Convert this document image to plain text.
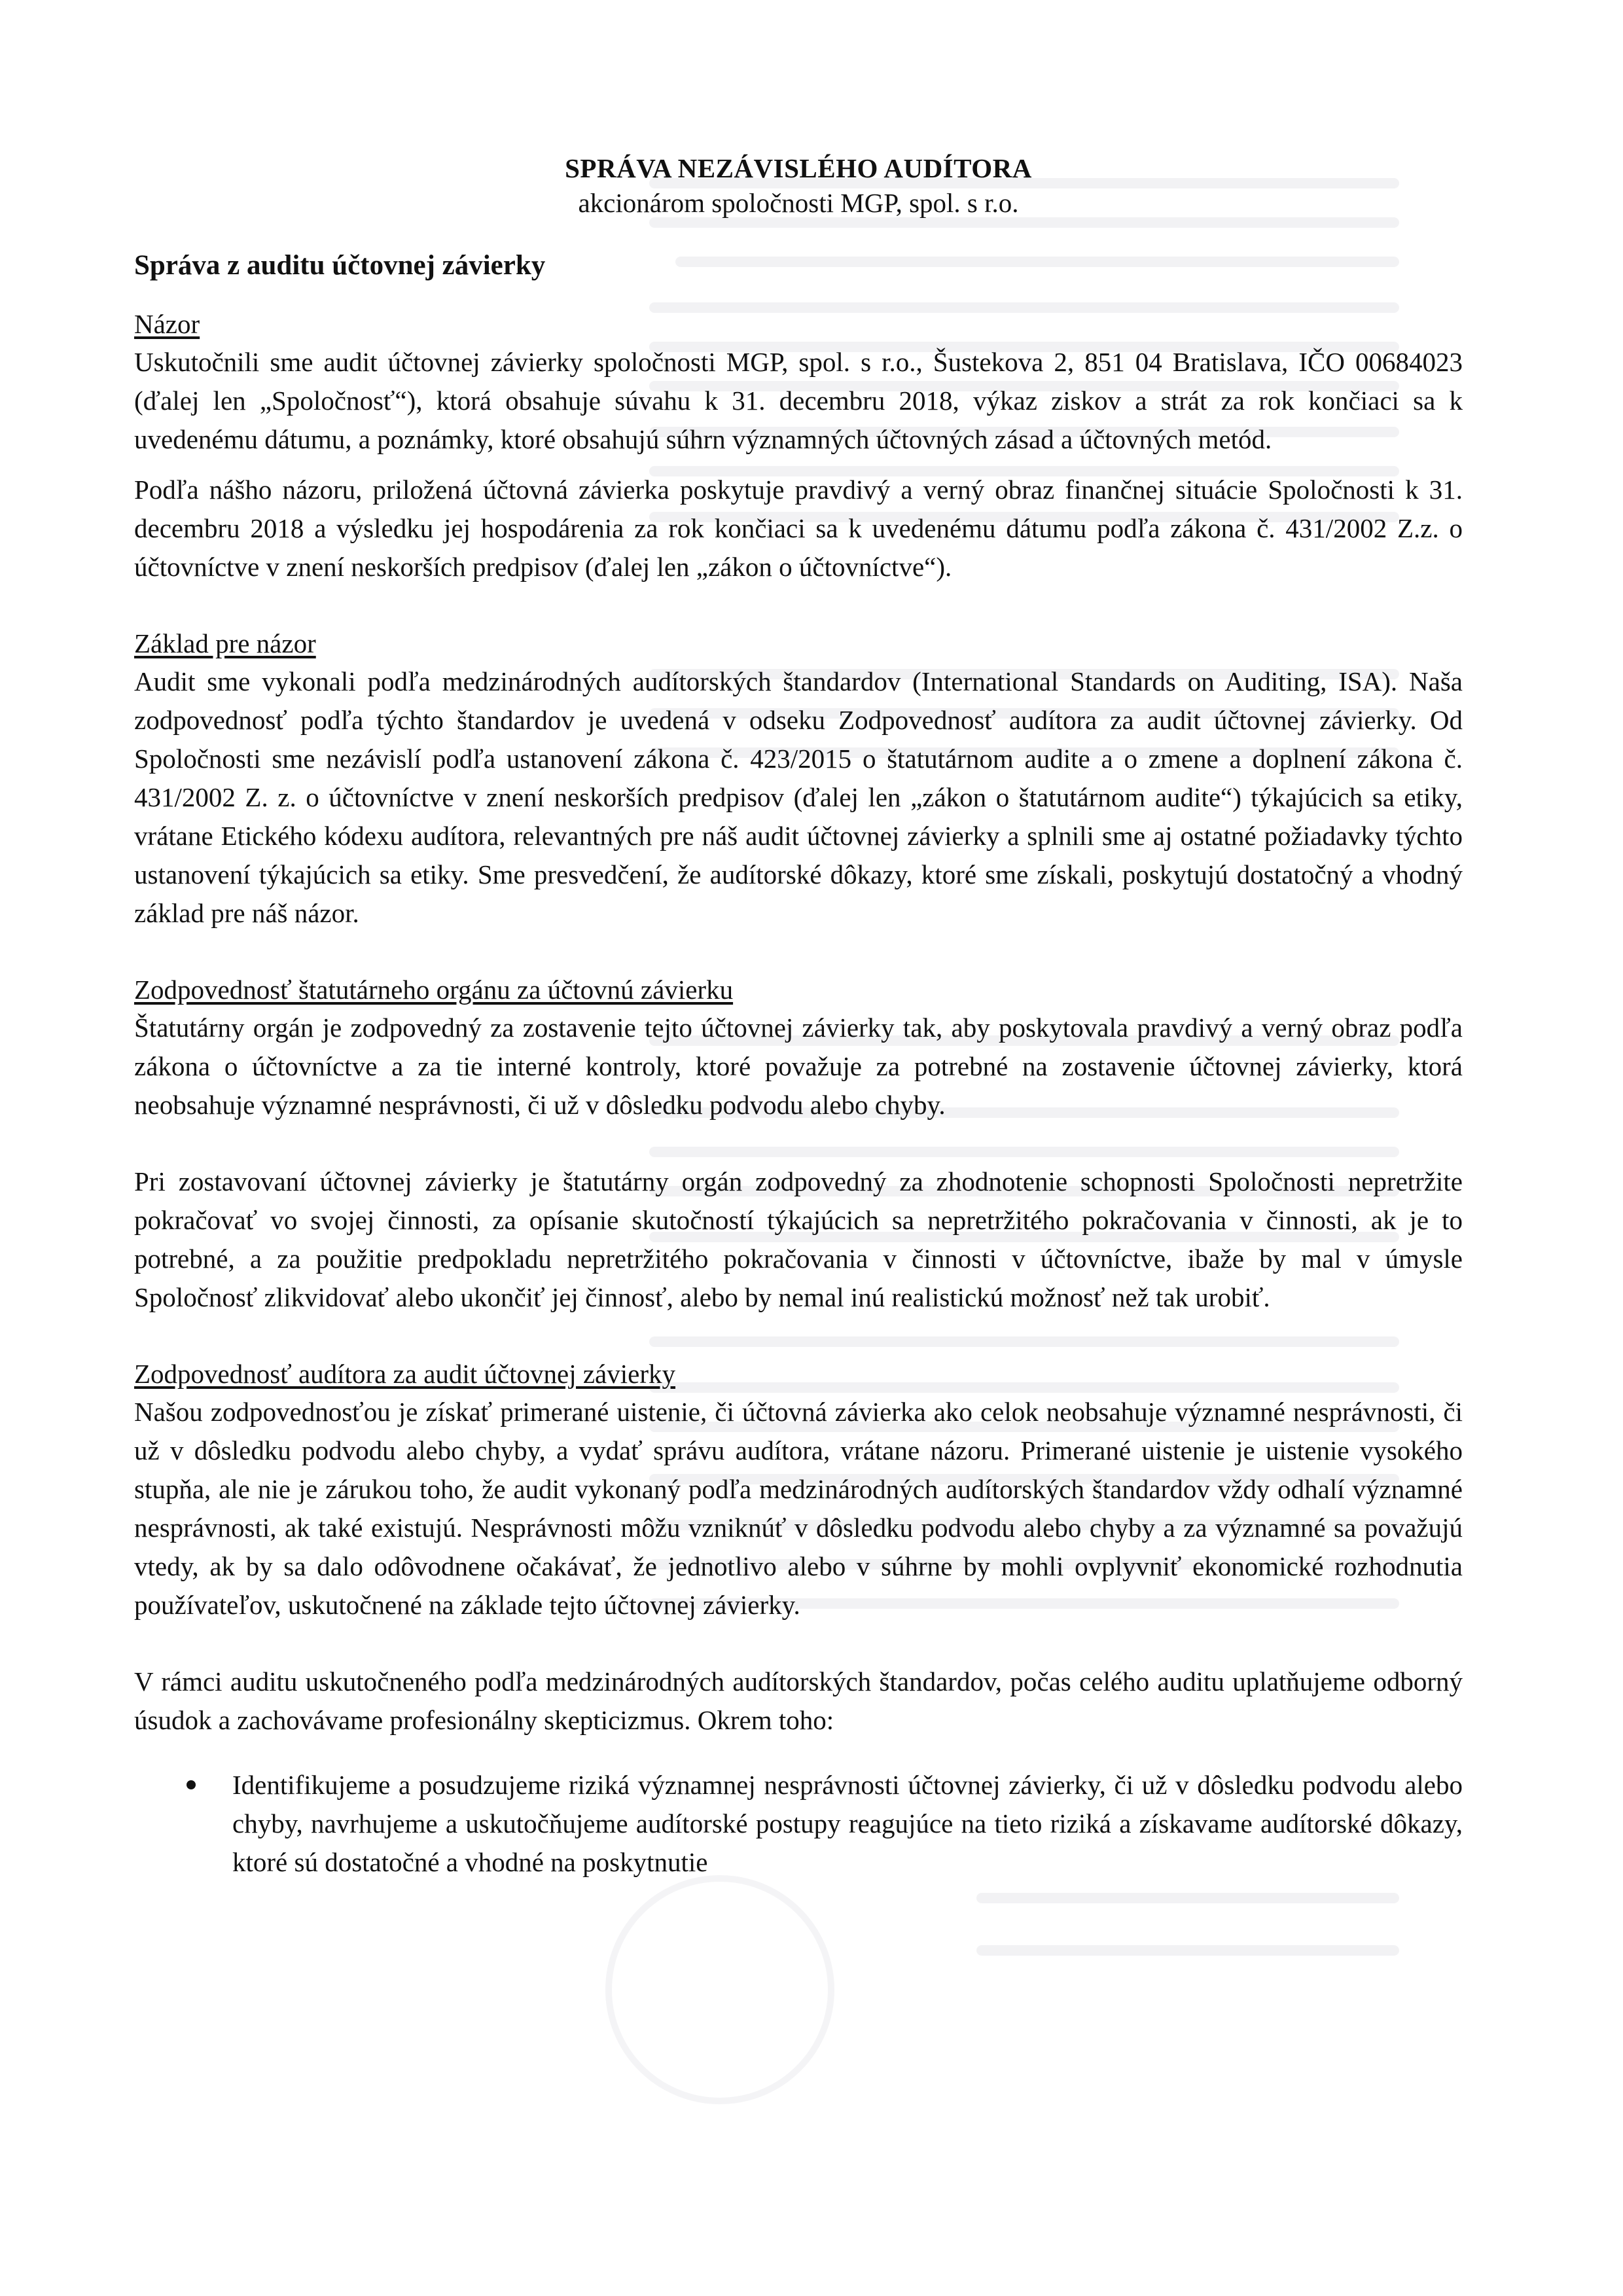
SPRÁVA NEZÁVISLÉHO AUDÍTORA
akcionárom spoločnosti MGP, spol. s r.o.
Správa z auditu účtovnej závierky
Názor

Uskutočnili sme audit účtovnej závierky spoločnosti MGP, spol. s r.o., Šustekova 2, 851 04 Bratislava, IČO 00684023 (ďalej len „Spoločnosť“), ktorá obsahuje súvahu k 31. decembru 2018, výkaz ziskov a strát za rok končiaci sa k uvedenému dátumu, a poznámky, ktoré obsahujú súhrn významných účtovných zásad a účtovných metód.

Podľa nášho názoru, priložená účtovná závierka poskytuje pravdivý a verný obraz finančnej situácie Spoločnosti k 31. decembru 2018 a výsledku jej hospodárenia za rok končiaci sa k uvedenému dátumu podľa zákona č. 431/2002 Z.z. o účtovníctve v znení neskorších predpisov (ďalej len „zákon o účtovníctve“).

Základ pre názor

Audit sme vykonali podľa medzinárodných audítorských štandardov (International Standards on Auditing, ISA). Naša zodpovednosť podľa týchto štandardov je uvedená v odseku Zodpovednosť audítora za audit účtovnej závierky. Od Spoločnosti sme nezávislí podľa ustanovení zákona č. 423/2015 o štatutárnom audite a o zmene a doplnení zákona č. 431/2002 Z. z. o účtovníctve v znení neskorších predpisov (ďalej len „zákon o štatutárnom audite“) týkajúcich sa etiky, vrátane Etického kódexu audítora, relevantných pre náš audit účtovnej závierky a splnili sme aj ostatné požiadavky týchto ustanovení týkajúcich sa etiky. Sme presvedčení, že audítorské dôkazy, ktoré sme získali, poskytujú dostatočný a vhodný základ pre náš názor.

Zodpovednosť štatutárneho orgánu za účtovnú závierku

Štatutárny orgán je zodpovedný za zostavenie tejto účtovnej závierky tak, aby poskytovala pravdivý a verný obraz podľa zákona o účtovníctve a za tie interné kontroly, ktoré považuje za potrebné na zostavenie účtovnej závierky, ktorá neobsahuje významné nesprávnosti, či už v dôsledku podvodu alebo chyby.

Pri zostavovaní účtovnej závierky je štatutárny orgán zodpovedný za zhodnotenie schopnosti Spoločnosti nepretržite pokračovať vo svojej činnosti, za opísanie skutočností týkajúcich sa nepretržitého pokračovania v činnosti, ak je to potrebné, a za použitie predpokladu nepretržitého pokračovania v činnosti v účtovníctve, ibaže by mal v úmysle Spoločnosť zlikvidovať alebo ukončiť jej činnosť, alebo by nemal inú realistickú možnosť než tak urobiť.

Zodpovednosť audítora za audit účtovnej závierky

Našou zodpovednosťou je získať primerané uistenie, či účtovná závierka ako celok neobsahuje významné nesprávnosti, či už v dôsledku podvodu alebo chyby, a vydať správu audítora, vrátane názoru. Primerané uistenie je uistenie vysokého stupňa, ale nie je zárukou toho, že audit vykonaný podľa medzinárodných audítorských štandardov vždy odhalí významné nesprávnosti, ak také existujú. Nesprávnosti môžu vzniknúť v dôsledku podvodu alebo chyby a za významné sa považujú vtedy, ak by sa dalo odôvodnene očakávať, že jednotlivo alebo v súhrne by mohli ovplyvniť ekonomické rozhodnutia používateľov, uskutočnené na základe tejto účtovnej závierky.

V rámci auditu uskutočneného podľa medzinárodných audítorských štandardov, počas celého auditu uplatňujeme odborný úsudok a zachovávame profesionálny skepticizmus. Okrem toho:

Identifikujeme a posudzujeme riziká významnej nesprávnosti účtovnej závierky, či už v dôsledku podvodu alebo chyby, navrhujeme a uskutočňujeme audítorské postupy reagujúce na tieto riziká a získavame audítorské dôkazy, ktoré sú dostatočné a vhodné na poskytnutie
